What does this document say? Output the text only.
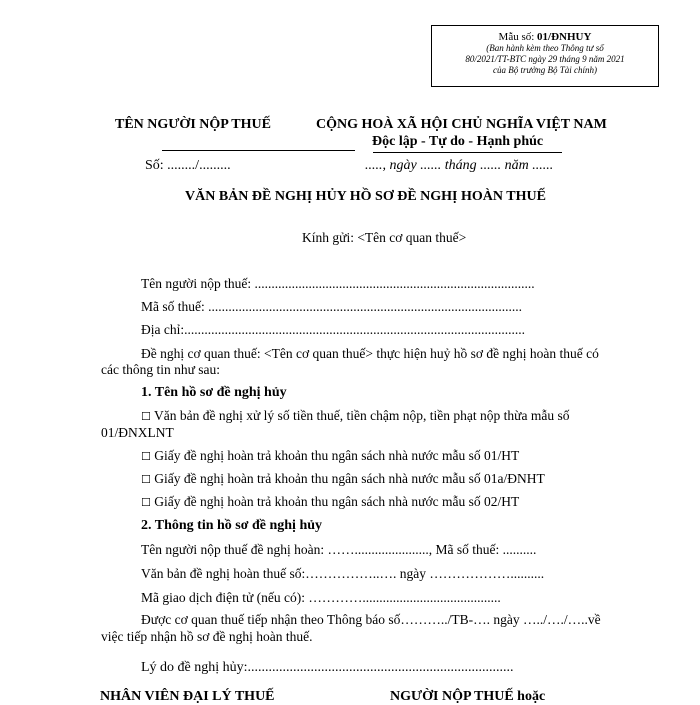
Mẫu số: 01/ĐNHUY
(Ban hành kèm theo Thông tư số
80/2021/TT-BTC ngày 29 tháng 9 năm 2021
của Bộ trưởng Bộ Tài chính)
TÊN NGƯỜI NỘP THUẾ	CỘNG HOÀ XÃ HỘI CHỦ NGHĨA VIỆT NAM
Độc lập - Tự do - Hạnh phúc
Số: ......../.........	....., ngày ...... tháng ...... năm ......
VĂN BẢN ĐỀ NGHỊ HỦY HỒ SƠ ĐỀ NGHỊ HOÀN THUẾ
Kính gửi: <Tên cơ quan thuế>
Tên người nộp thuế: ...................................................................................
Mã số thuế: .............................................................................................
Địa chỉ:.....................................................................................................
Đề nghị cơ quan thuế: <Tên cơ quan thuế> thực hiện huỷ hồ sơ đề nghị hoàn thuế có
các thông tin như sau:
1. Tên hồ sơ đề nghị hủy
☐ Văn bản đề nghị xử lý số tiền thuế, tiền chậm nộp, tiền phạt nộp thừa mẫu số
01/ĐNXLNT
☐ Giấy đề nghị hoàn trả khoản thu ngân sách nhà nước mẫu số 01/HT
☐ Giấy đề nghị hoàn trả khoản thu ngân sách nhà nước mẫu số 01a/ĐNHT
☐ Giấy đề nghị hoàn trả khoản thu ngân sách nhà nước mẫu số 02/HT
2. Thông tin hồ sơ đề nghị hủy
Tên người nộp thuế đề nghị hoàn: ……......................, Mã số thuế: ..........
Văn bản đề nghị hoàn thuế số:……………..…. ngày ………………..........
Mã giao dịch điện tử (nếu có): ………….........................................
Được cơ quan thuế tiếp nhận theo Thông báo số………../TB-…. ngày …../…./…..về
việc tiếp nhận hồ sơ đề nghị hoàn thuế.
Lý do đề nghị hủy:............................................................................
NHÂN VIÊN ĐẠI LÝ THUẾ	NGƯỜI NỘP THUẾ hoặc
